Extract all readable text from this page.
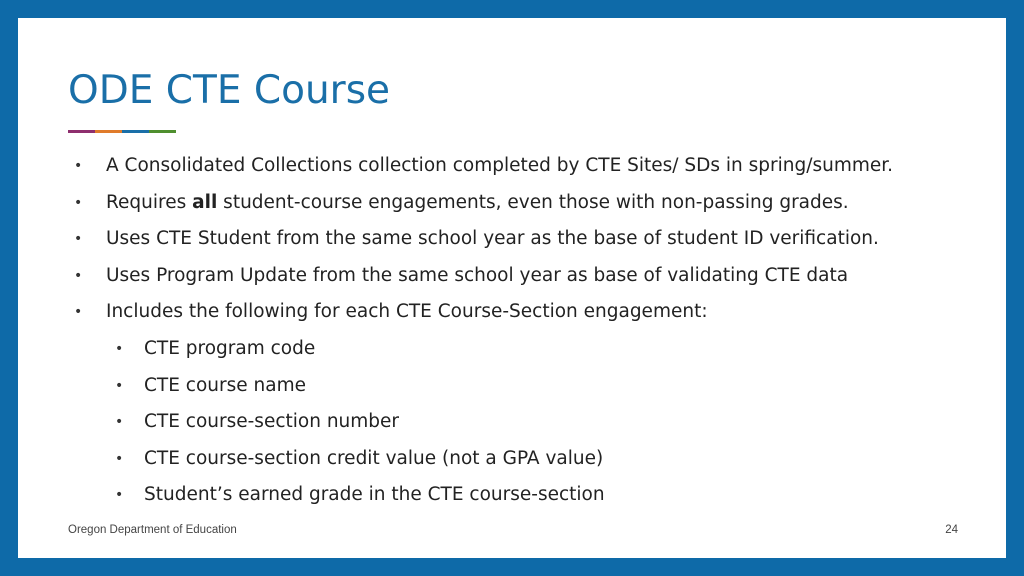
ODE CTE Course
• A Consolidated Collections collection completed by CTE Sites/ SDs in spring/summer.
• Requires all student-course engagements, even those with non-passing grades.
• Uses CTE Student from the same school year as the base of student ID verification.
• Uses Program Update from the same school year as base of validating CTE data
• Includes the following for each CTE Course-Section engagement:
• CTE program code
• CTE course name
• CTE course-section number
• CTE course-section credit value (not a GPA value)
• Student’s earned grade in the CTE course-section
Oregon Department of Education	24
